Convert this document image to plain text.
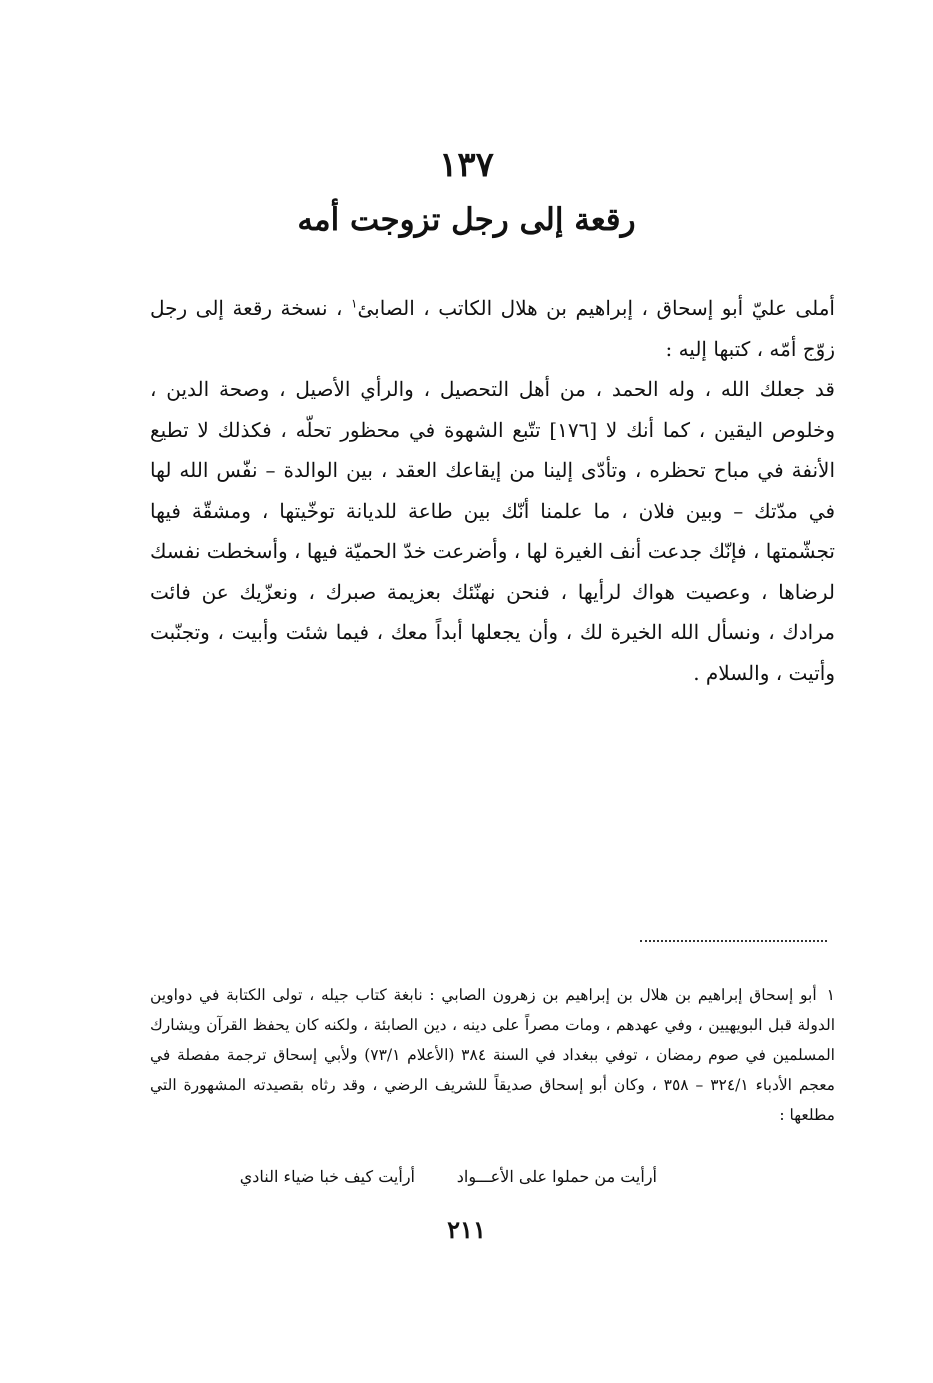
١٣٧
رقعة إلى رجل تزوجت أمه

أملى عليّ أبو إسحاق ، إبراهيم بن هلال الكاتب ، الصابئ$^١$ ، نسخة رقعة إلى رجل زوّج أمّه ، كتبها إليه :

قد جعلك الله ، وله الحمد ، من أهل التحصيل ، والرأي الأصيل ، وصحة الدين ، وخلوص اليقين ، كما أنك لا [١٧٦] تتّبع الشهوة في محظور تحلّه ، فكذلك لا تطيع الأنفة في مباح تحظره ، وتأدّى إلينا من إيقاعك العقد ، بين الوالدة – نفّس الله لها في مدّتك – وبين فلان ، ما علمنا أنّك بين طاعة للديانة توخّيتها ، ومشقّة فيها تجشّمتها ، فإنّك جدعت أنف الغيرة لها ، وأضرعت خدّ الحميّة فيها ، وأسخطت نفسك لرضاها ، وعصيت هواك لرأيها ، فنحن نهنّئك بعزيمة صبرك ، ونعزّيك عن فائت مرادك ، ونسأل الله الخيرة لك ، وأن يجعلها أبداً معك ، فيما شئت وأبيت ، وتجنّبت وأتيت ، والسلام .

١أبو إسحاق إبراهيم بن هلال بن إبراهيم بن زهرون الصابي : نابغة كتاب جيله ، تولى الكتابة في دواوين الدولة قبل البويهيين ، وفي عهدهم ، ومات مصراً على دينه ، دين الصابئة ، ولكنه كان يحفظ القرآن ويشارك المسلمين في صوم رمضان ، توفي ببغداد في السنة ٣٨٤ (الأعلام ٧٣/١) ولأبي إسحاق ترجمة مفصلة في معجم الأدباء ٣٢٤/١ – ٣٥٨ ، وكان أبو إسحاق صديقاً للشريف الرضي ، وقد رثاه بقصيدته المشهورة التي مطلعها :

أرأيت من حملوا على الأعـــواد
أرأيت كيف خبا ضياء النادي
٢١١
